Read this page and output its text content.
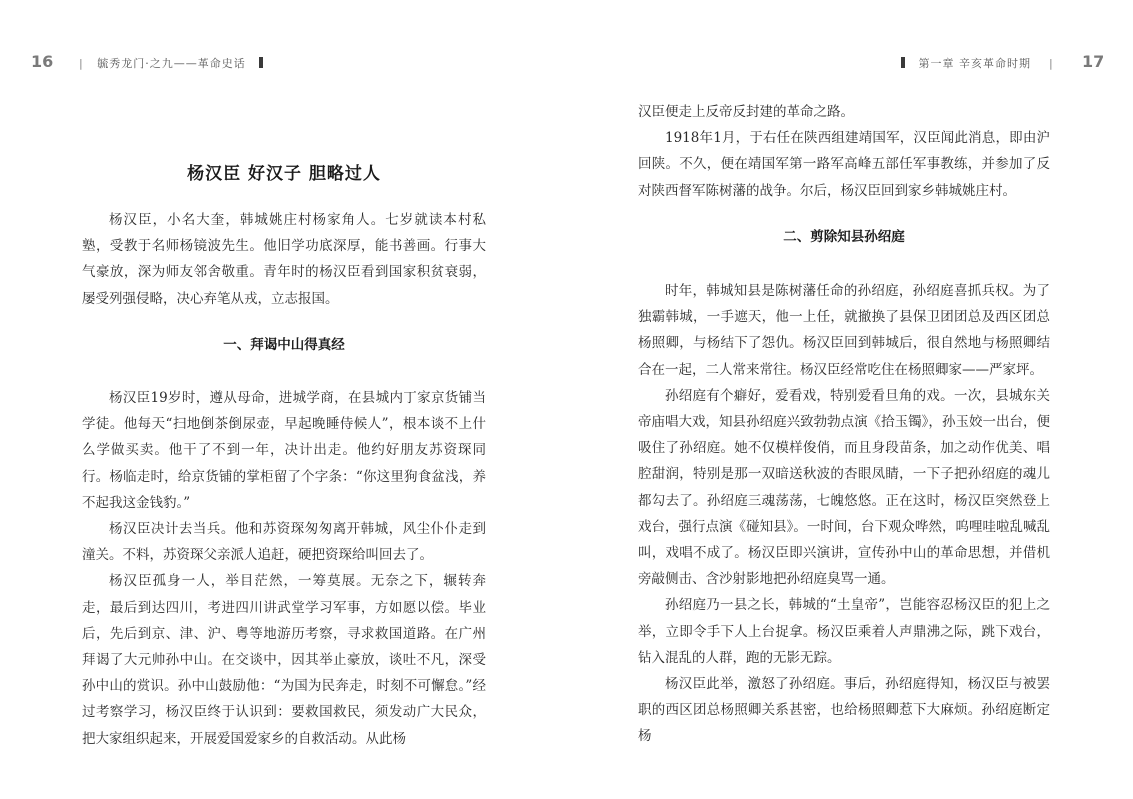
16 | 毓秀龙门·之九——革命史话
杨汉臣 好汉子 胆略过人

杨汉臣，小名大奎，韩城姚庄村杨家角人。七岁就读本村私塾，受教于名师杨镜波先生。他旧学功底深厚，能书善画。行事大气豪放，深为师友邻舍敬重。青年时的杨汉臣看到国家积贫衰弱，屡受列强侵略，决心弃笔从戎，立志报国。

一、拜谒中山得真经

杨汉臣19岁时，遵从母命，进城学商，在县城内丁家京货铺当学徒。他每天“扫地倒茶倒尿壶，早起晚睡侍候人”，根本谈不上什么学做买卖。他干了不到一年，决计出走。他约好朋友苏资琛同行。杨临走时，给京货铺的掌柜留了个字条：“你这里狗食盆浅，养不起我这金钱豹。”

杨汉臣决计去当兵。他和苏资琛匆匆离开韩城，风尘仆仆走到潼关。不料，苏资琛父亲派人追赶，硬把资琛给叫回去了。

杨汉臣孤身一人，举目茫然，一筹莫展。无奈之下，辗转奔走，最后到达四川，考进四川讲武堂学习军事，方如愿以偿。毕业后，先后到京、津、沪、粤等地游历考察，寻求救国道路。在广州拜谒了大元帅孙中山。在交谈中，因其举止豪放，谈吐不凡，深受孙中山的赏识。孙中山鼓励他：“为国为民奔走，时刻不可懈怠。”经过考察学习，杨汉臣终于认识到：要救国救民，须发动广大民众，把大家组织起来，开展爱国爱家乡的自救活动。从此杨

第一章 辛亥革命时期 | 17

汉臣便走上反帝反封建的革命之路。

1918年1月，于右任在陕西组建靖国军，汉臣闻此消息，即由沪回陕。不久，便在靖国军第一路军高峰五部任军事教练，并参加了反对陕西督军陈树藩的战争。尔后，杨汉臣回到家乡韩城姚庄村。

二、剪除知县孙绍庭

时年，韩城知县是陈树藩任命的孙绍庭，孙绍庭喜抓兵权。为了独霸韩城，一手遮天，他一上任，就撤换了县保卫团团总及西区团总杨照卿，与杨结下了怨仇。杨汉臣回到韩城后，很自然地与杨照卿结合在一起，二人常来常往。杨汉臣经常吃住在杨照卿家——严家坪。

孙绍庭有个癖好，爱看戏，特别爱看旦角的戏。一次，县城东关帝庙唱大戏，知县孙绍庭兴致勃勃点演《拾玉镯》，孙玉姣一出台，便吸住了孙绍庭。她不仅模样俊俏，而且身段苗条，加之动作优美、唱腔甜润，特别是那一双暗送秋波的杏眼凤睛，一下子把孙绍庭的魂儿都勾去了。孙绍庭三魂荡荡，七魄悠悠。正在这时，杨汉臣突然登上戏台，强行点演《碰知县》。一时间，台下观众哗然，呜哩哇啦乱喊乱叫，戏唱不成了。杨汉臣即兴演讲，宣传孙中山的革命思想，并借机旁敲侧击、含沙射影地把孙绍庭臭骂一通。

孙绍庭乃一县之长，韩城的“土皇帝”，岂能容忍杨汉臣的犯上之举，立即令手下人上台捉拿。杨汉臣乘着人声鼎沸之际，跳下戏台，钻入混乱的人群，跑的无影无踪。

杨汉臣此举，激怒了孙绍庭。事后，孙绍庭得知，杨汉臣与被罢职的西区团总杨照卿关系甚密，也给杨照卿惹下大麻烦。孙绍庭断定杨
